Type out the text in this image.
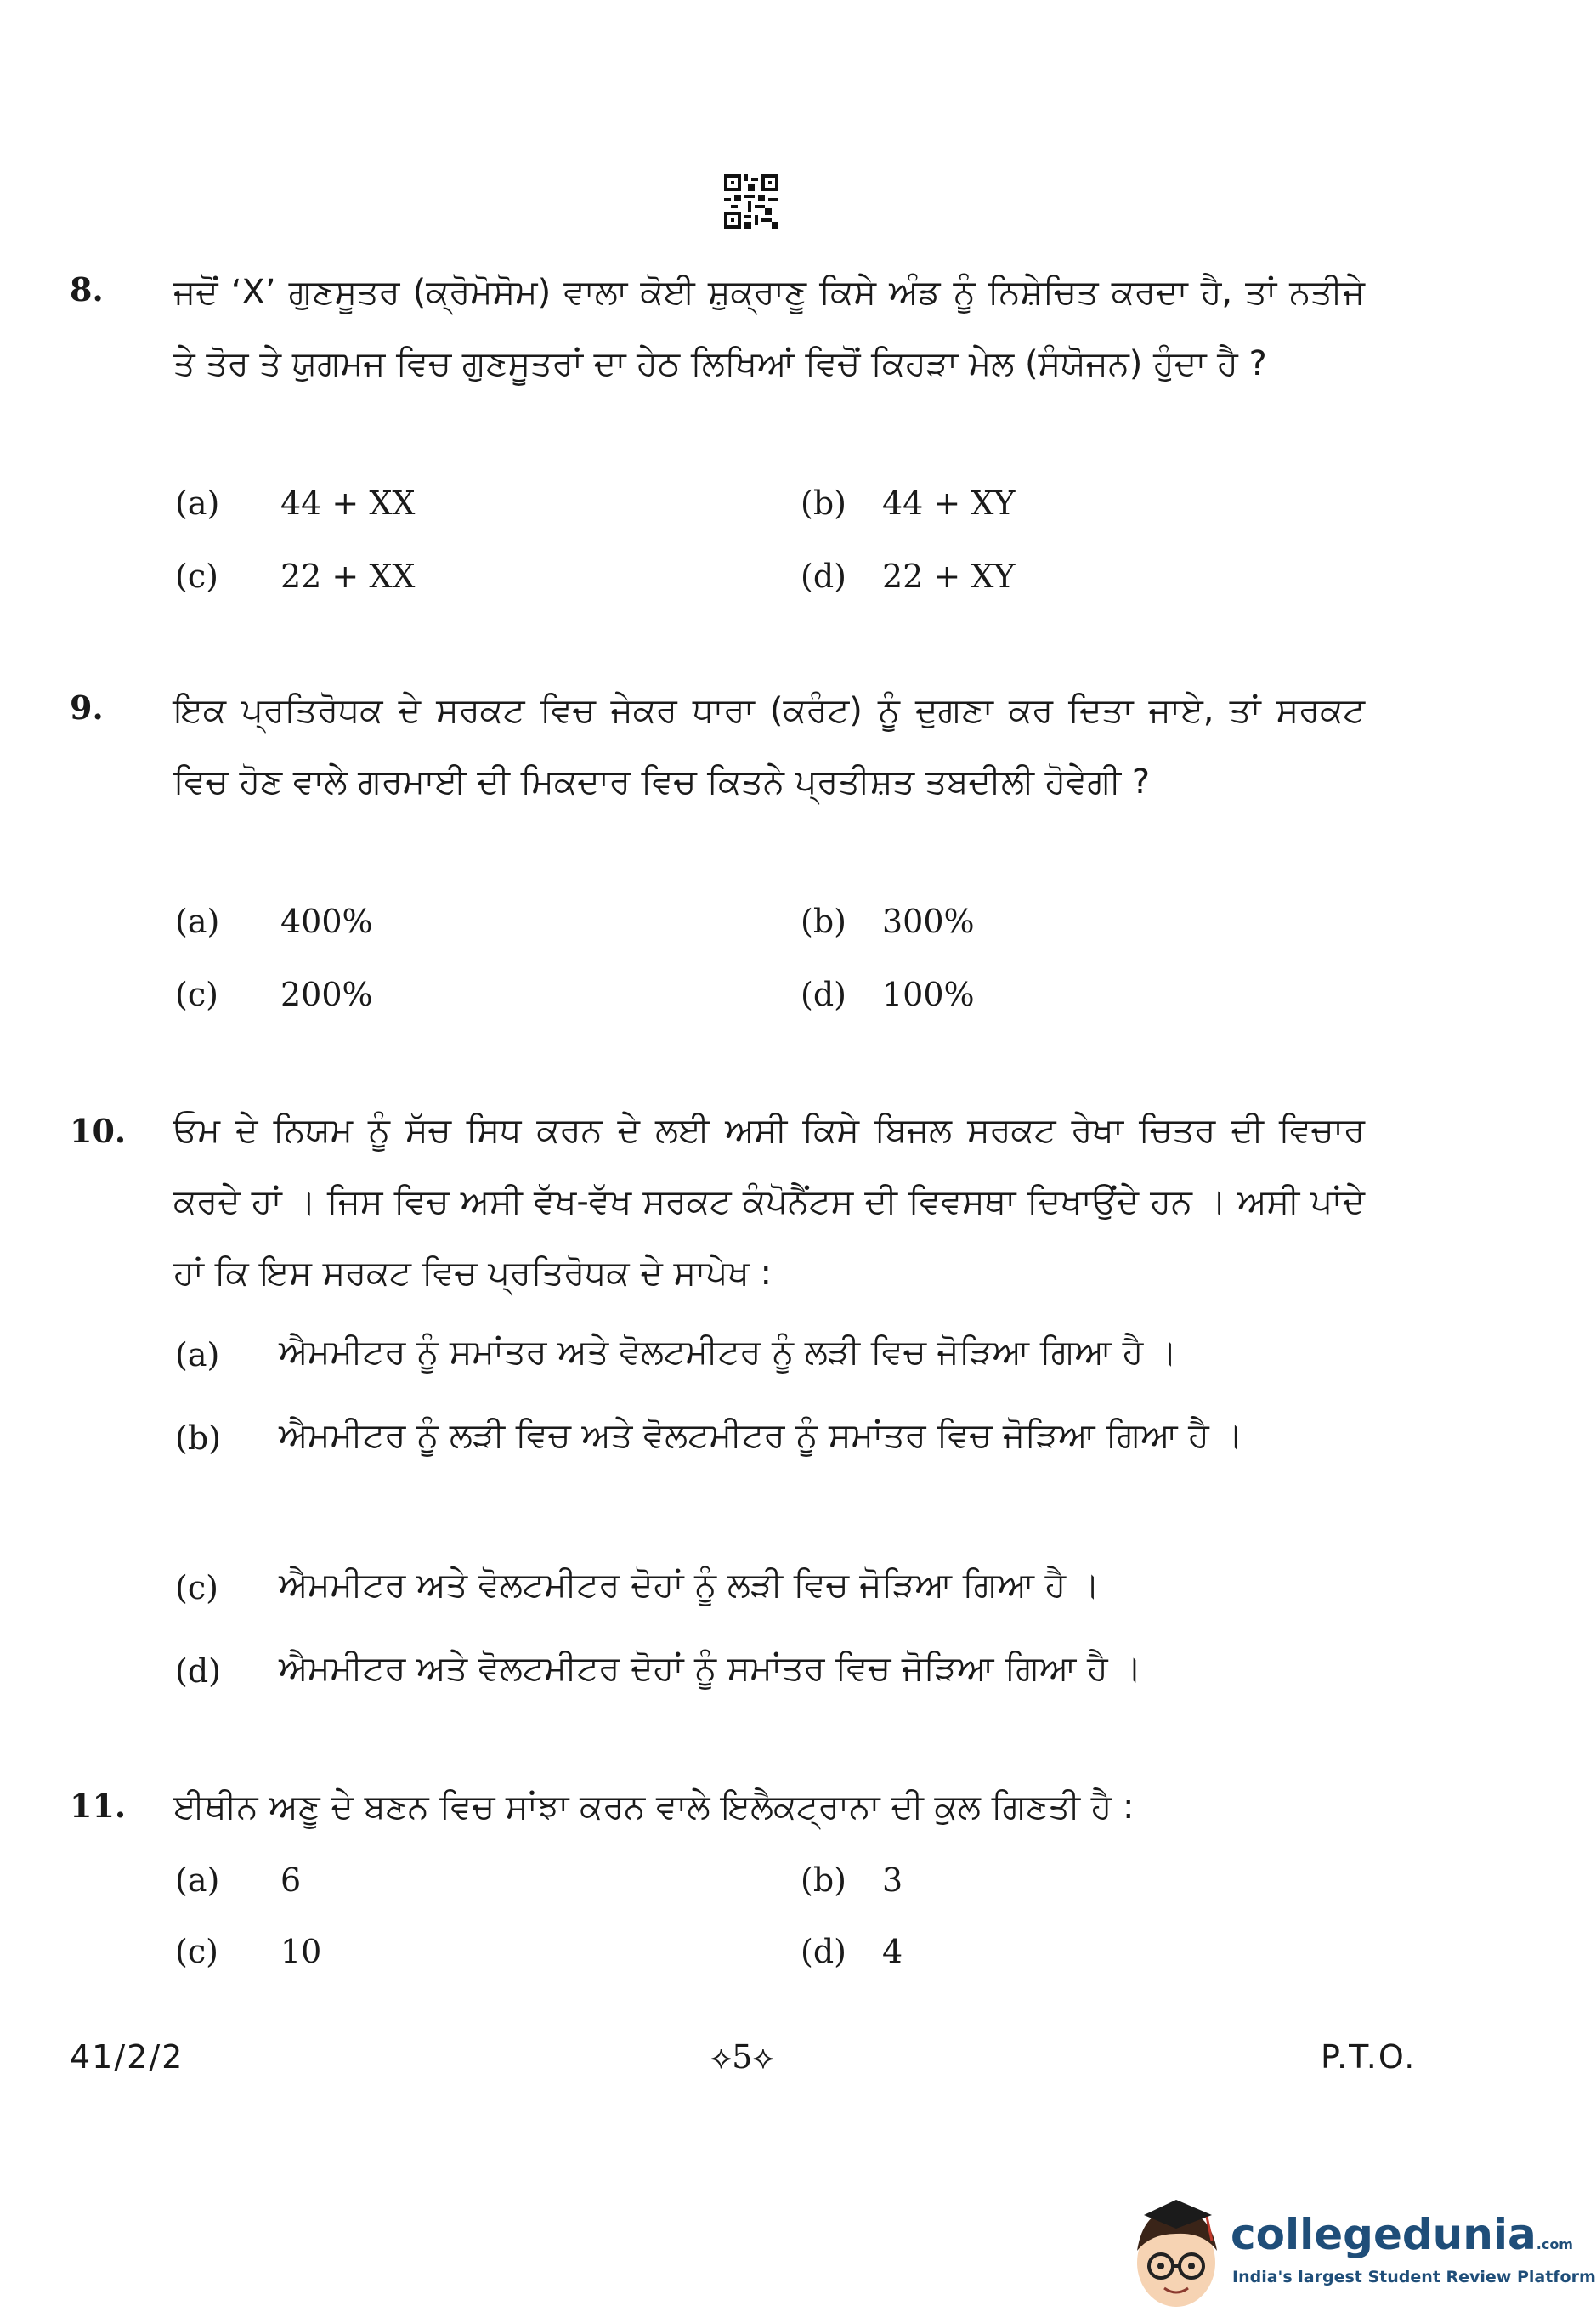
8. ਜਦੋਂ ‘X’ ਗੁਣਸੂਤਰ (ਕ੍ਰੋਮੋਸੋਮ) ਵਾਲਾ ਕੋਈ ਸ਼ੁਕ੍ਰਾਣੂ ਕਿਸੇ ਅੰਡ ਨੂੰ ਨਿਸ਼ੇਚਿਤ ਕਰਦਾ ਹੈ, ਤਾਂ ਨਤੀਜੇ ਤੇ ਤੋਰ ਤੇ ਯੁਗਮਜ ਵਿਚ ਗੁਣਸੂਤਰਾਂ ਦਾ ਹੇਠ ਲਿਖਿਆਂ ਵਿਚੋਂ ਕਿਹੜਾ ਮੇਲ (ਸੰਯੋਜਨ) ਹੁੰਦਾ ਹੈ ?
(a) 44 + XX	(b) 44 + XY
(c) 22 + XX	(d) 22 + XY
9. ਇਕ ਪ੍ਰਤਿਰੋਧਕ ਦੇ ਸਰਕਟ ਵਿਚ ਜੇਕਰ ਧਾਰਾ (ਕਰੰਟ) ਨੂੰ ਦੁਗਣਾ ਕਰ ਦਿਤਾ ਜਾਏ, ਤਾਂ ਸਰਕਟ ਵਿਚ ਹੋਣ ਵਾਲੇ ਗਰਮਾਈ ਦੀ ਮਿਕਦਾਰ ਵਿਚ ਕਿਤਨੇ ਪ੍ਰਤੀਸ਼ਤ ਤਬਦੀਲੀ ਹੋਵੇਗੀ ?
(a) 400%	(b) 300%
(c) 200%	(d) 100%
10. ਓਮ ਦੇ ਨਿਯਮ ਨੂੰ ਸੱਚ ਸਿਧ ਕਰਨ ਦੇ ਲਈ ਅਸੀ ਕਿਸੇ ਬਿਜਲ ਸਰਕਟ ਰੇਖਾ ਚਿਤਰ ਦੀ ਵਿਚਾਰ ਕਰਦੇ ਹਾਂ । ਜਿਸ ਵਿਚ ਅਸੀ ਵੱਖ-ਵੱਖ ਸਰਕਟ ਕੰਪੋਨੈਂਟਸ ਦੀ ਵਿਵਸਥਾ ਦਿਖਾਉਂਦੇ ਹਨ । ਅਸੀ ਪਾਂਦੇ ਹਾਂ ਕਿ ਇਸ ਸਰਕਟ ਵਿਚ ਪ੍ਰਤਿਰੋਧਕ ਦੇ ਸਾਪੇਖ :
(a) ਐਮਮੀਟਰ ਨੂੰ ਸਮਾਂਤਰ ਅਤੇ ਵੋਲਟਮੀਟਰ ਨੂੰ ਲੜੀ ਵਿਚ ਜੋੜਿਆ ਗਿਆ ਹੈ ।
(b) ਐਮਮੀਟਰ ਨੂੰ ਲੜੀ ਵਿਚ ਅਤੇ ਵੋਲਟਮੀਟਰ ਨੂੰ ਸਮਾਂਤਰ ਵਿਚ ਜੋੜਿਆ ਗਿਆ ਹੈ ।
(c) ਐਮਮੀਟਰ ਅਤੇ ਵੋਲਟਮੀਟਰ ਦੋਹਾਂ ਨੂੰ ਲੜੀ ਵਿਚ ਜੋੜਿਆ ਗਿਆ ਹੈ ।
(d) ਐਮਮੀਟਰ ਅਤੇ ਵੋਲਟਮੀਟਰ ਦੋਹਾਂ ਨੂੰ ਸਮਾਂਤਰ ਵਿਚ ਜੋੜਿਆ ਗਿਆ ਹੈ ।
11. ਈਥੀਨ ਅਣੂ ਦੇ ਬਣਨ ਵਿਚ ਸਾਂਝਾ ਕਰਨ ਵਾਲੇ ਇਲੈਕਟ੍ਰਾਨਾ ਦੀ ਕੁਲ ਗਿਣਤੀ ਹੈ :
(a) 6	(b) 3
(c) 10	(d) 4
41/2/2	⟡5⟡	P.T.O.
collegedunia.com
India's largest Student Review Platform
